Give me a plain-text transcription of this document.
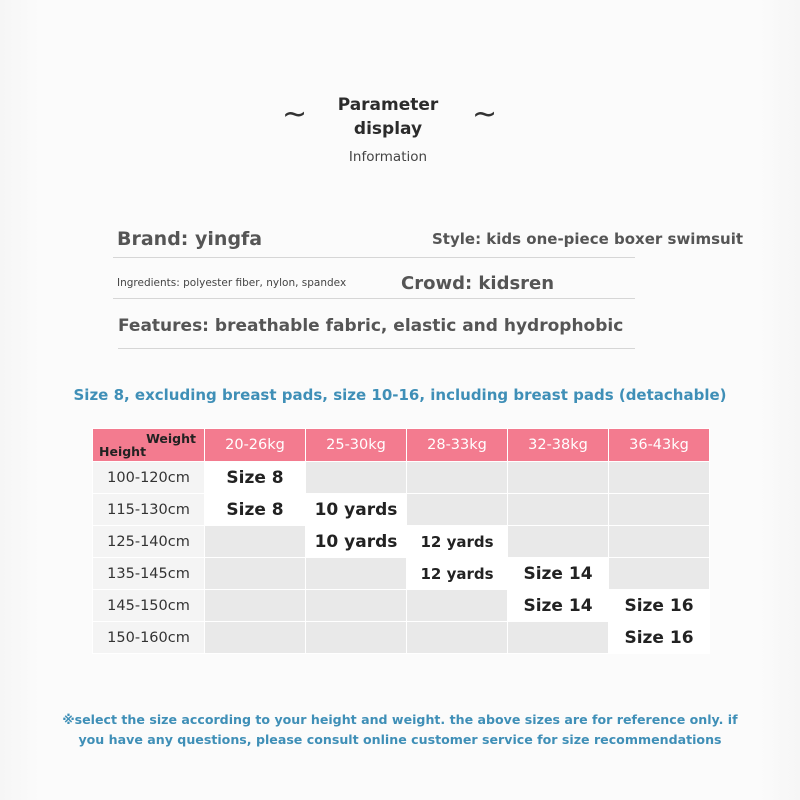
~	Parameter display	~
Information
Brand: yingfa	Style: kids one-piece boxer swimsuit
Ingredients: polyester fiber, nylon, spandex	Crowd: kidsren
Features: breathable fabric, elastic and hydrophobic
Size 8, excluding breast pads, size 10-16, including breast pads (detachable)
Weight
Height	20-26kg	25-30kg	28-33kg	32-38kg	36-43kg
100-120cm	Size 8				
115-130cm	Size 8	10 yards			
125-140cm		10 yards	12 yards		
135-145cm			12 yards	Size 14	
145-150cm				Size 14	Size 16
150-160cm					Size 16
※select the size according to your height and weight. the above sizes are for reference only. if you have any questions, please consult online customer service for size recommendations
